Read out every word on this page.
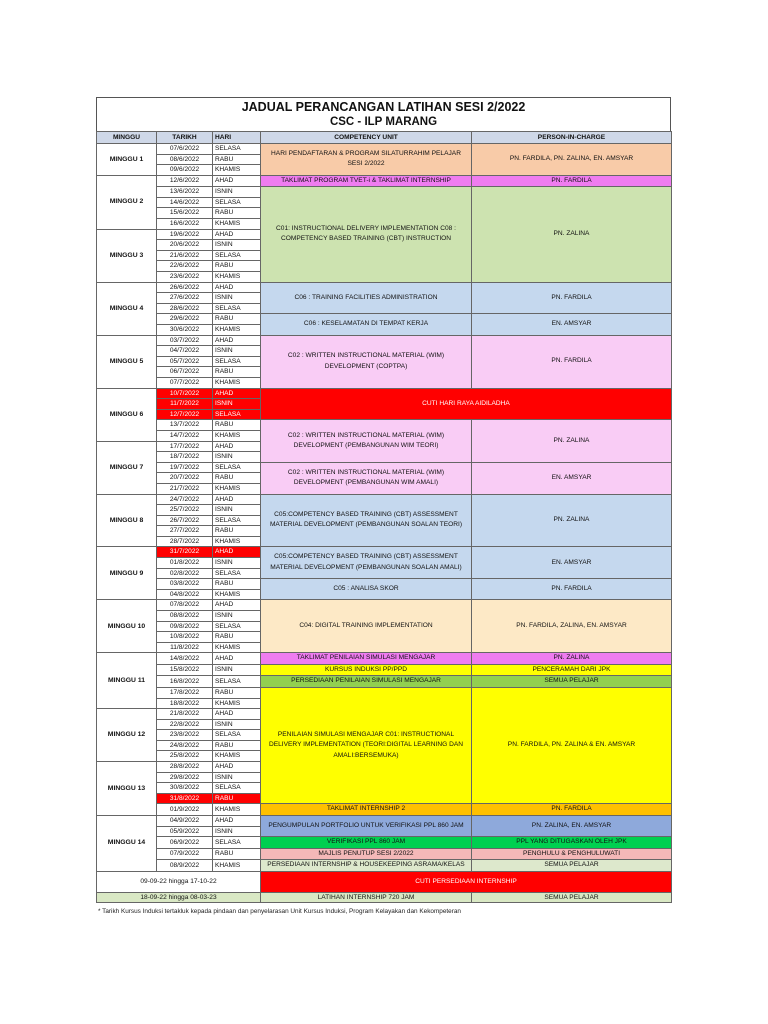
JADUAL PERANCANGAN LATIHAN SESI 2/2022
CSC - ILP MARANG
MINGGU	TARIKH	HARI	COMPETENCY UNIT	PERSON-IN-CHARGE
MINGGU 1	07/6/2022	SELASA	HARI PENDAFTARAN & PROGRAM SILATURRAHIM PELAJAR SESI 2/2022	PN. FARDILA, PN. ZALINA, EN. AMSYAR
	08/6/2022	RABU		
	09/6/2022	KHAMIS		
MINGGU 2	12/6/2022	AHAD	TAKLIMAT PROGRAM TVET-i & TAKLIMAT INTERNSHIP	PN. FARDILA
	13/6/2022	ISNIN	C01: INSTRUCTIONAL DELIVERY IMPLEMENTATION C08 : COMPETENCY BASED TRAINING (CBT) INSTRUCTION	PN. ZALINA
	14/6/2022	SELASA		
	15/6/2022	RABU		
	16/6/2022	KHAMIS		
MINGGU 3	19/6/2022	AHAD		
	20/6/2022	ISNIN		
	21/6/2022	SELASA		
	22/6/2022	RABU		
	23/6/2022	KHAMIS		
MINGGU 4	26/6/2022	AHAD	C06 : TRAINING FACILITIES ADMINISTRATION	PN. FARDILA
	27/6/2022	ISNIN		
	28/6/2022	SELASA		
	29/6/2022	RABU	C06 : KESELAMATAN DI TEMPAT KERJA	EN. AMSYAR
	30/6/2022	KHAMIS		
MINGGU 5	03/7/2022	AHAD	C02 : WRITTEN INSTRUCTIONAL MATERIAL (WIM) DEVELOPMENT (COPTPA)	PN. FARDILA
	04/7/2022	ISNIN		
	05/7/2022	SELASA		
	06/7/2022	RABU		
	07/7/2022	KHAMIS		
MINGGU 6	10/7/2022	AHAD	CUTI HARI RAYA AIDILADHA	
	11/7/2022	ISNIN		
	12/7/2022	SELASA		
	13/7/2022	RABU	C02 : WRITTEN INSTRUCTIONAL MATERIAL (WIM) DEVELOPMENT (PEMBANGUNAN WIM TEORI)	PN. ZALINA
	14/7/2022	KHAMIS		
MINGGU 7	17/7/2022	AHAD		
	18/7/2022	ISNIN		
	19/7/2022	SELASA	C02 : WRITTEN INSTRUCTIONAL MATERIAL (WIM) DEVELOPMENT (PEMBANGUNAN WIM AMALI)	EN. AMSYAR
	20/7/2022	RABU		
	21/7/2022	KHAMIS		
MINGGU 8	24/7/2022	AHAD	C05:COMPETENCY BASED TRAINING (CBT) ASSESSMENT MATERIAL DEVELOPMENT (PEMBANGUNAN SOALAN TEORI)	PN. ZALINA
	25/7/2022	ISNIN		
	26/7/2022	SELASA		
	27/7/2022	RABU		
	28/7/2022	KHAMIS		
MINGGU 9	31/7/2022	AHAD	C05:COMPETENCY BASED TRAINING (CBT) ASSESSMENT MATERIAL DEVELOPMENT (PEMBANGUNAN SOALAN AMALI)	EN. AMSYAR
	01/8/2022	ISNIN		
	02/8/2022	SELASA		
	03/8/2022	RABU	C05 : ANALISA SKOR	PN. FARDILA
	04/8/2022	KHAMIS		
MINGGU 10	07/8/2022	AHAD	C04: DIGITAL TRAINING IMPLEMENTATION	PN. FARDILA, ZALINA, EN. AMSYAR
	08/8/2022	ISNIN		
	09/8/2022	SELASA		
	10/8/2022	RABU		
	11/8/2022	KHAMIS		
MINGGU 11	14/8/2022	AHAD	TAKLIMAT PENILAIAN SIMULASI MENGAJAR	PN. ZALINA
	15/8/2022	ISNIN	KURSUS INDUKSI PP/PPD	PENCERAMAH DARI JPK
	16/8/2022	SELASA	PERSEDIAAN PENILAIAN SIMULASI MENGAJAR	SEMUA PELAJAR
	17/8/2022	RABU	PENILAIAN SIMULASI MENGAJAR C01: INSTRUCTIONAL DELIVERY IMPLEMENTATION (TEORI:DIGITAL LEARNING DAN AMALI:BERSEMUKA)	PN. FARDILA, PN. ZALINA & EN. AMSYAR
	18/8/2022	KHAMIS		
MINGGU 12	21/8/2022	AHAD		
	22/8/2022	ISNIN		
	23/8/2022	SELASA		
	24/8/2022	RABU		
	25/8/2022	KHAMIS		
MINGGU 13	28/8/2022	AHAD		
	29/8/2022	ISNIN		
	30/8/2022	SELASA		
	31/8/2022	RABU		
	01/9/2022	KHAMIS	TAKLIMAT INTERNSHIP 2	PN. FARDILA
MINGGU 14	04/9/2022	AHAD	PENGUMPULAN PORTFOLIO UNTUK VERIFIKASI PPL 860 JAM	PN. ZALINA, EN. AMSYAR
	05/9/2022	ISNIN		
	06/9/2022	SELASA	VERIFIKASI PPL 860 JAM	PPL YANG DITUGASKAN OLEH JPK
	07/9/2022	RABU	MAJLIS PENUTUP SESI 2/2022	PENGHULU & PENGHULUWATI
	08/9/2022	KHAMIS	PERSEDIAAN INTERNSHIP & HOUSEKEEPING ASRAMA/KELAS	SEMUA PELAJAR
09-09-22 hingga 17-10-22			CUTI PERSEDIAAN INTERNSHIP	
18-09-22 hingga 08-03-23			LATIHAN INTERNSHIP 720 JAM	SEMUA PELAJAR
* Tarikh Kursus Induksi tertakluk kepada pindaan dan penyelarasan Unit Kursus Induksi, Program Kelayakan dan Kekompeteran
